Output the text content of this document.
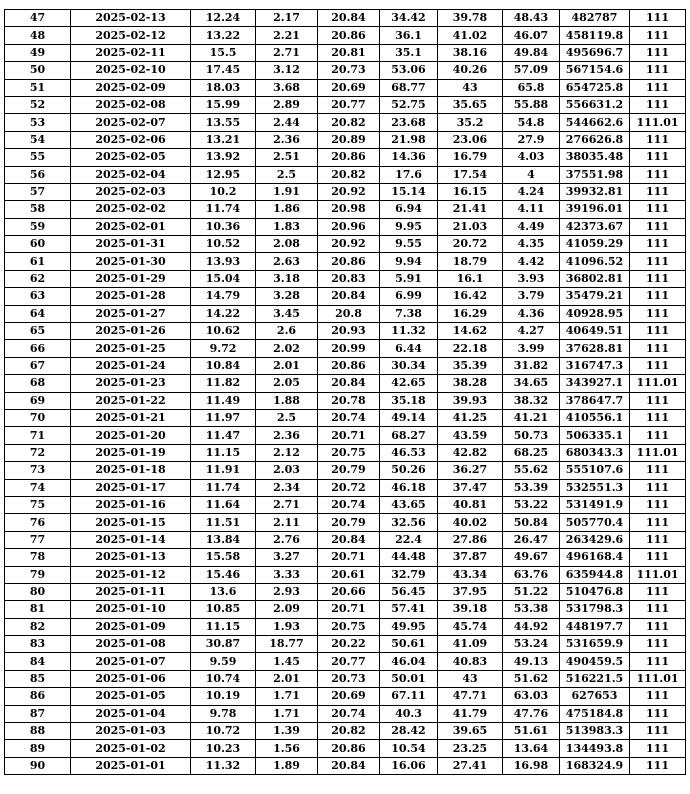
47	2025-02-13	12.24	2.17	20.84	34.42	39.78	48.43	482787	111
48	2025-02-12	13.22	2.21	20.86	36.1	41.02	46.07	458119.8	111
49	2025-02-11	15.5	2.71	20.81	35.1	38.16	49.84	495696.7	111
50	2025-02-10	17.45	3.12	20.73	53.06	40.26	57.09	567154.6	111
51	2025-02-09	18.03	3.68	20.69	68.77	43	65.8	654725.8	111
52	2025-02-08	15.99	2.89	20.77	52.75	35.65	55.88	556631.2	111
53	2025-02-07	13.55	2.44	20.82	23.68	35.2	54.8	544662.6	111.01
54	2025-02-06	13.21	2.36	20.89	21.98	23.06	27.9	276626.8	111
55	2025-02-05	13.92	2.51	20.86	14.36	16.79	4.03	38035.48	111
56	2025-02-04	12.95	2.5	20.82	17.6	17.54	4	37551.98	111
57	2025-02-03	10.2	1.91	20.92	15.14	16.15	4.24	39932.81	111
58	2025-02-02	11.74	1.86	20.98	6.94	21.41	4.11	39196.01	111
59	2025-02-01	10.36	1.83	20.96	9.95	21.03	4.49	42373.67	111
60	2025-01-31	10.52	2.08	20.92	9.55	20.72	4.35	41059.29	111
61	2025-01-30	13.93	2.63	20.86	9.94	18.79	4.42	41096.52	111
62	2025-01-29	15.04	3.18	20.83	5.91	16.1	3.93	36802.81	111
63	2025-01-28	14.79	3.28	20.84	6.99	16.42	3.79	35479.21	111
64	2025-01-27	14.22	3.45	20.8	7.38	16.29	4.36	40928.95	111
65	2025-01-26	10.62	2.6	20.93	11.32	14.62	4.27	40649.51	111
66	2025-01-25	9.72	2.02	20.99	6.44	22.18	3.99	37628.81	111
67	2025-01-24	10.84	2.01	20.86	30.34	35.39	31.82	316747.3	111
68	2025-01-23	11.82	2.05	20.84	42.65	38.28	34.65	343927.1	111.01
69	2025-01-22	11.49	1.88	20.78	35.18	39.93	38.32	378647.7	111
70	2025-01-21	11.97	2.5	20.74	49.14	41.25	41.21	410556.1	111
71	2025-01-20	11.47	2.36	20.71	68.27	43.59	50.73	506335.1	111
72	2025-01-19	11.15	2.12	20.75	46.53	42.82	68.25	680343.3	111.01
73	2025-01-18	11.91	2.03	20.79	50.26	36.27	55.62	555107.6	111
74	2025-01-17	11.74	2.34	20.72	46.18	37.47	53.39	532551.3	111
75	2025-01-16	11.64	2.71	20.74	43.65	40.81	53.22	531491.9	111
76	2025-01-15	11.51	2.11	20.79	32.56	40.02	50.84	505770.4	111
77	2025-01-14	13.84	2.76	20.84	22.4	27.86	26.47	263429.6	111
78	2025-01-13	15.58	3.27	20.71	44.48	37.87	49.67	496168.4	111
79	2025-01-12	15.46	3.33	20.61	32.79	43.34	63.76	635944.8	111.01
80	2025-01-11	13.6	2.93	20.66	56.45	37.95	51.22	510476.8	111
81	2025-01-10	10.85	2.09	20.71	57.41	39.18	53.38	531798.3	111
82	2025-01-09	11.15	1.93	20.75	49.95	45.74	44.92	448197.7	111
83	2025-01-08	30.87	18.77	20.22	50.61	41.09	53.24	531659.9	111
84	2025-01-07	9.59	1.45	20.77	46.04	40.83	49.13	490459.5	111
85	2025-01-06	10.74	2.01	20.73	50.01	43	51.62	516221.5	111.01
86	2025-01-05	10.19	1.71	20.69	67.11	47.71	63.03	627653	111
87	2025-01-04	9.78	1.71	20.74	40.3	41.79	47.76	475184.8	111
88	2025-01-03	10.72	1.39	20.82	28.42	39.65	51.61	513983.3	111
89	2025-01-02	10.23	1.56	20.86	10.54	23.25	13.64	134493.8	111
90	2025-01-01	11.32	1.89	20.84	16.06	27.41	16.98	168324.9	111
